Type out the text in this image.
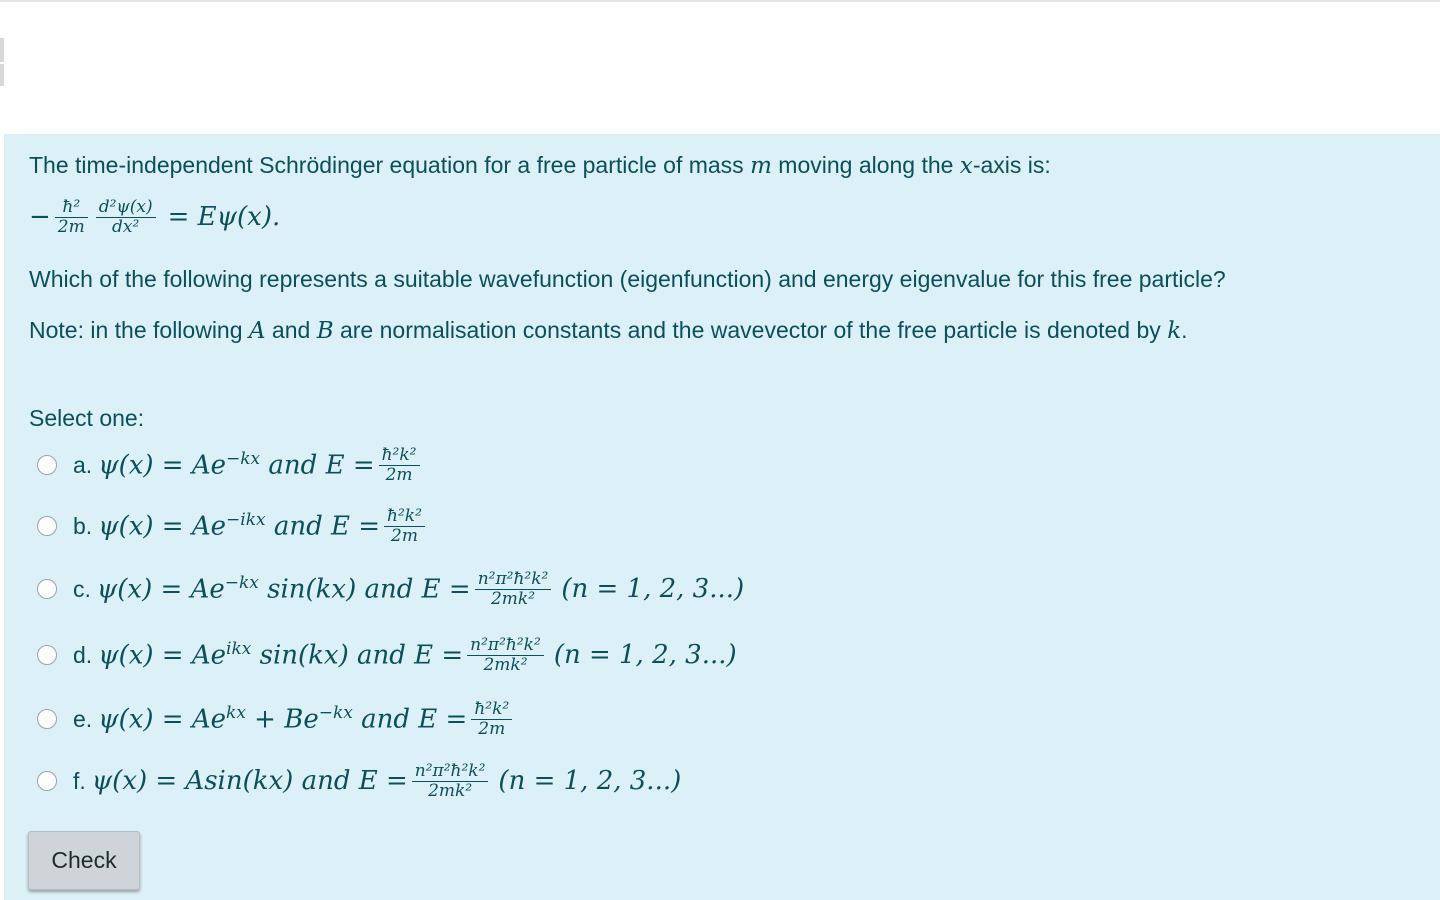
The time-independent Schrödinger equation for a free particle of mass m moving along the x-axis is:
− $\frac{\text{ħ²}}{2m} \frac{\text{d²ψ(x)}}{\text{dx²}} = E\psi(x)$.
Which of the following represents a suitable wavefunction (eigenfunction) and energy eigenvalue for this free particle?
Note: in the following A and B are normalisation constants and the wavevector of the free particle is denoted by k.
Select one:
a. $\psi(x) = Ae^{-kx}$ and $E = \frac{\text{ħ²k²}}{2m}$
b. $\psi(x) = Ae^{-ikx}$ and $E = \frac{\text{ħ²k²}}{2m}$
c. $\psi(x) = Ae^{-kx}$ sin(kx) and $E = \frac{\text{n²π²ħ²k²}}{\text{2mk²}} (n = 1$, 2, 3...)
d. $\psi(x) = Ae^{ikx}$ sin(kx) and $E = \frac{\text{n²π²ħ²k²}}{\text{2mk²}} (n = 1$, 2, 3...)
e. $\psi(x) = Ae^{kx} + Be^{-kx}$ and $E = \frac{\text{ħ²k²}}{2m}$
f. ψ(x) = Asin(kx) and $E = \frac{\text{n²π²ħ²k²}}{\text{2mk²}} (n = 1$, 2, 3...)
Check
